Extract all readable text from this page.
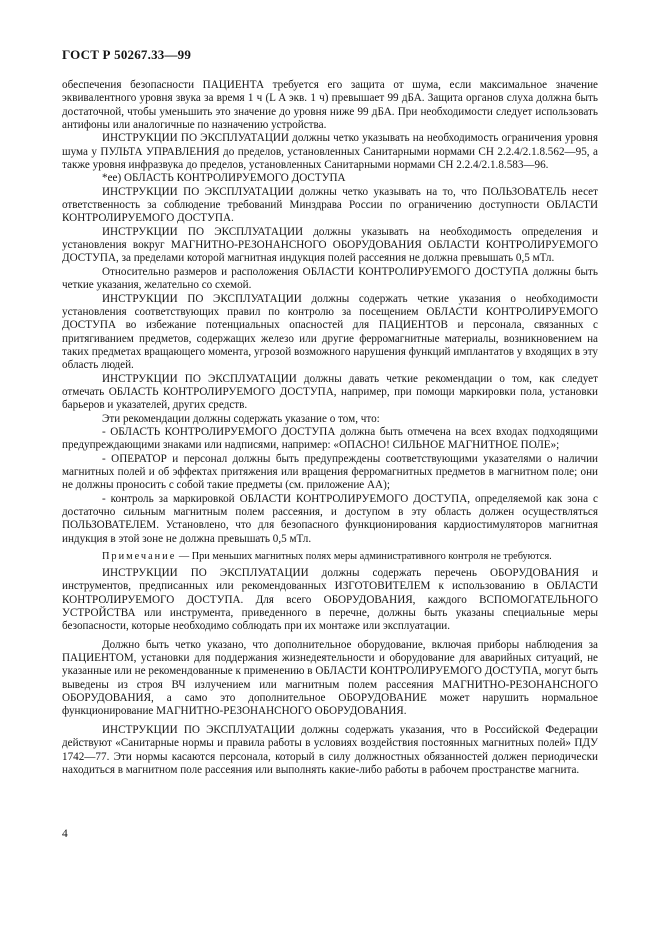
ГОСТ Р 50267.33—99

обеспечения безопасности ПАЦИЕНТА требуется его защита от шума, если максимальное значение эквивалентного уровня звука за время 1 ч (L A экв. 1 ч) превышает 99 дБА. Защита органов слуха должна быть достаточной, чтобы уменьшить это значение до уровня ниже 99 дБА. При необходимости следует использовать антифоны или аналогичные по назначению устройства.

ИНСТРУКЦИИ ПО ЭКСПЛУАТАЦИИ должны четко указывать на необходимость ограничения уровня шума у ПУЛЬТА УПРАВЛЕНИЯ до пределов, установленных Санитарными нормами СН 2.2.4/2.1.8.562—95, а также уровня инфразвука до пределов, установленных Санитарными нормами СН 2.2.4/2.1.8.583—96.

*ее) ОБЛАСТЬ КОНТРОЛИРУЕМОГО ДОСТУПА

ИНСТРУКЦИИ ПО ЭКСПЛУАТАЦИИ должны четко указывать на то, что ПОЛЬЗОВАТЕЛЬ несет ответственность за соблюдение требований Минздрава России по ограничению доступности ОБЛАСТИ КОНТРОЛИРУЕМОГО ДОСТУПА.

ИНСТРУКЦИИ ПО ЭКСПЛУАТАЦИИ должны указывать на необходимость определения и установления вокруг МАГНИТНО-РЕЗОНАНСНОГО ОБОРУДОВАНИЯ ОБЛАСТИ КОНТРОЛИРУЕМОГО ДОСТУПА, за пределами которой магнитная индукция полей рассеяния не должна превышать 0,5 мТл.

Относительно размеров и расположения ОБЛАСТИ КОНТРОЛИРУЕМОГО ДОСТУПА должны быть четкие указания, желательно со схемой.

ИНСТРУКЦИИ ПО ЭКСПЛУАТАЦИИ должны содержать четкие указания о необходимости установления соответствующих правил по контролю за посещением ОБЛАСТИ КОНТРОЛИРУЕМОГО ДОСТУПА во избежание потенциальных опасностей для ПАЦИЕНТОВ и персонала, связанных с притягиванием предметов, содержащих железо или другие ферромагнитные материалы, возникновением на таких предметах вращающего момента, угрозой возможного нарушения функций имплантатов у входящих в эту область людей.

ИНСТРУКЦИИ ПО ЭКСПЛУАТАЦИИ должны давать четкие рекомендации о том, как следует отмечать ОБЛАСТЬ КОНТРОЛИРУЕМОГО ДОСТУПА, например, при помощи маркировки пола, установки барьеров и указателей, других средств.

Эти рекомендации должны содержать указание о том, что:

- ОБЛАСТЬ КОНТРОЛИРУЕМОГО ДОСТУПА должна быть отмечена на всех входах подходящими предупреждающими знаками или надписями, например: «ОПАСНО! СИЛЬНОЕ МАГНИТНОЕ ПОЛЕ»;

- ОПЕРАТОР и персонал должны быть предупреждены соответствующими указателями о наличии магнитных полей и об эффектах притяжения или вращения ферромагнитных предметов в магнитном поле; они не должны проносить с собой такие предметы (см. приложение АА);

- контроль за маркировкой ОБЛАСТИ КОНТРОЛИРУЕМОГО ДОСТУПА, определяемой как зона с достаточно сильным магнитным полем рассеяния, и доступом в эту область должен осуществляться ПОЛЬЗОВАТЕЛЕМ. Установлено, что для безопасного функционирования кардиостимуляторов магнитная индукция в этой зоне не должна превышать 0,5 мТл.

Примечание — При меньших магнитных полях меры административного контроля не требуются.

ИНСТРУКЦИИ ПО ЭКСПЛУАТАЦИИ должны содержать перечень ОБОРУДОВАНИЯ и инструментов, предписанных или рекомендованных ИЗГОТОВИТЕЛЕМ к использованию в ОБЛАСТИ КОНТРОЛИРУЕМОГО ДОСТУПА. Для всего ОБОРУДОВАНИЯ, каждого ВСПОМОГАТЕЛЬНОГО УСТРОЙСТВА или инструмента, приведенного в перечне, должны быть указаны специальные меры безопасности, которые необходимо соблюдать при их монтаже или эксплуатации.

Должно быть четко указано, что дополнительное оборудование, включая приборы наблюдения за ПАЦИЕНТОМ, установки для поддержания жизнедеятельности и оборудование для аварийных ситуаций, не указанные или не рекомендованные к применению в ОБЛАСТИ КОНТРОЛИРУЕМОГО ДОСТУПА, могут быть выведены из строя ВЧ излучением или магнитным полем рассеяния МАГНИТНО-РЕЗОНАНСНОГО ОБОРУДОВАНИЯ, а само это дополнительное ОБОРУДОВАНИЕ может нарушить нормальное функционирование МАГНИТНО-РЕЗОНАНСНОГО ОБОРУДОВАНИЯ.

ИНСТРУКЦИИ ПО ЭКСПЛУАТАЦИИ должны содержать указания, что в Российской Федерации действуют «Санитарные нормы и правила работы в условиях воздействия постоянных магнитных полей» ПДУ 1742—77. Эти нормы касаются персонала, который в силу должностных обязанностей должен периодически находиться в магнитном поле рассеяния или выполнять какие-либо работы в рабочем пространстве магнита.

4
